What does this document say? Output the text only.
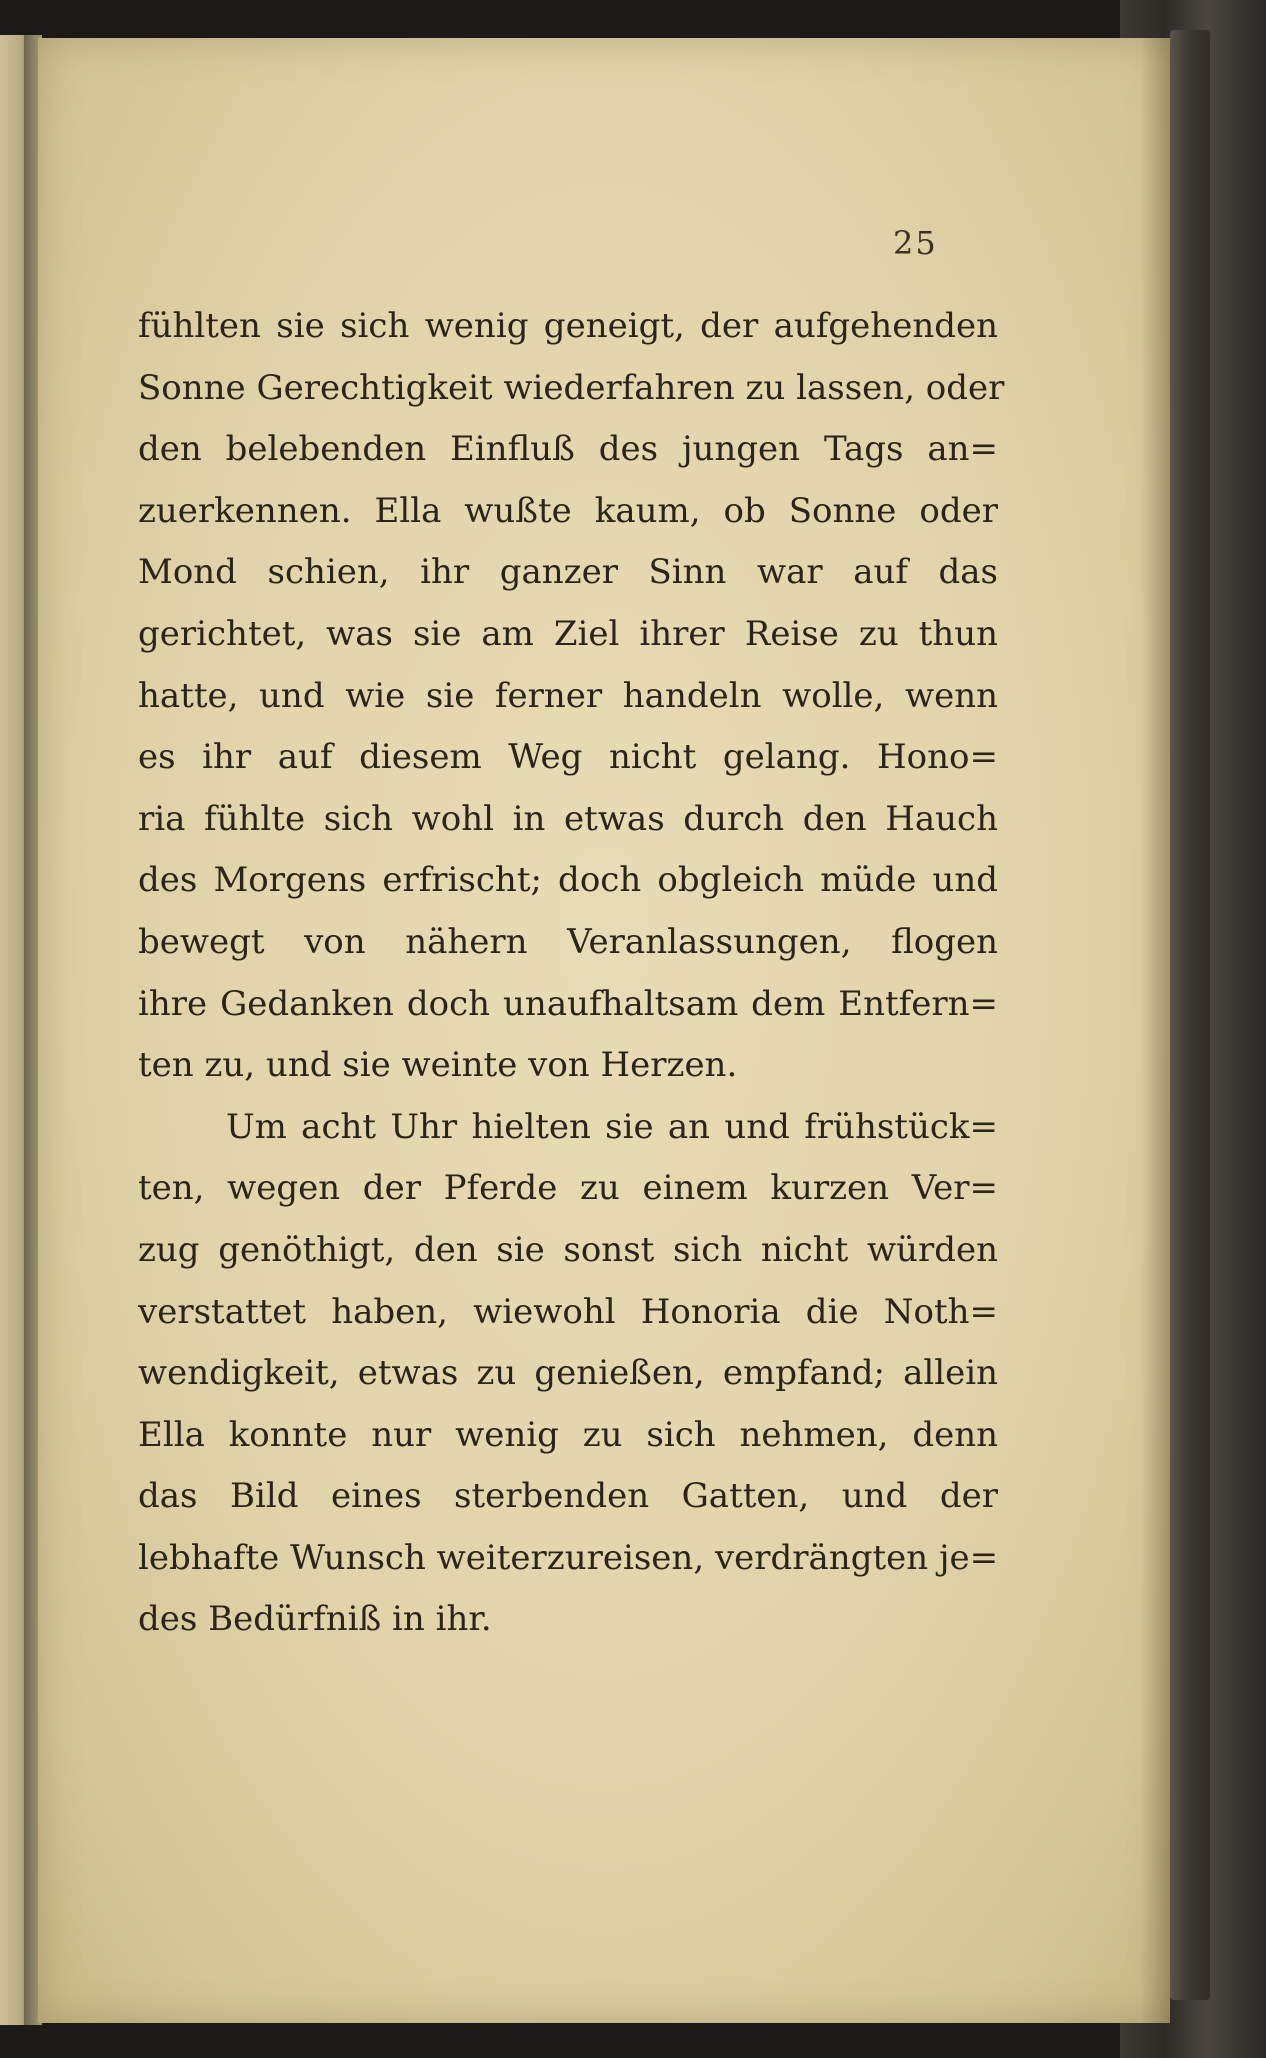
25
fühlten sie sich wenig geneigt, der aufgehenden
Sonne Gerechtigkeit wiederfahren zu lassen, oder
den belebenden Einfluß des jungen Tags an=
zuerkennen. Ella wußte kaum, ob Sonne oder
Mond schien, ihr ganzer Sinn war auf das
gerichtet, was sie am Ziel ihrer Reise zu thun
hatte, und wie sie ferner handeln wolle, wenn
es ihr auf diesem Weg nicht gelang. Hono=
ria fühlte sich wohl in etwas durch den Hauch
des Morgens erfrischt; doch obgleich müde und
bewegt von nähern Veranlassungen, flogen
ihre Gedanken doch unaufhaltsam dem Entfern=
ten zu, und sie weinte von Herzen.
Um acht Uhr hielten sie an und frühstück=
ten, wegen der Pferde zu einem kurzen Ver=
zug genöthigt, den sie sonst sich nicht würden
verstattet haben, wiewohl Honoria die Noth=
wendigkeit, etwas zu genießen, empfand; allein
Ella konnte nur wenig zu sich nehmen, denn
das Bild eines sterbenden Gatten, und der
lebhafte Wunsch weiterzureisen, verdrängten je=
des Bedürfniß in ihr.
